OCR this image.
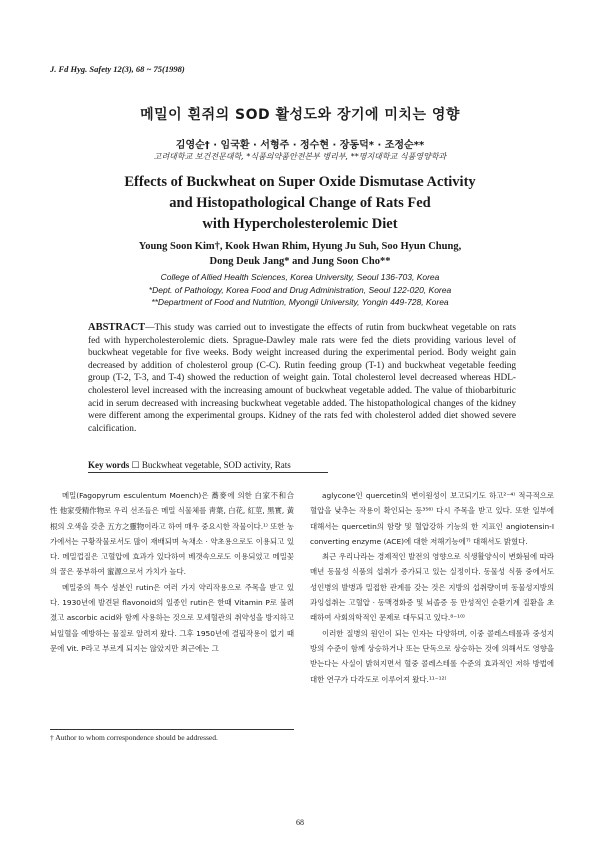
J. Fd Hyg. Safety 12(3), 68 ~ 75(1998)
메밀이 흰쥐의 SOD 활성도와 장기에 미치는 영향
김영순† · 임국환 · 서형주 · 정수현 · 장동덕* · 조정순**
고려대학교 보건전문대학, *식품의약품안전본부 병리부, **명지대학교 식품영양학과
Effects of Buckwheat on Super Oxide Dismutase Activity
and Histopathological Change of Rats Fed
with Hypercholesterolemic Diet
Young Soon Kim†, Kook Hwan Rhim, Hyung Ju Suh, Soo Hyun Chung,
Dong Deuk Jang* and Jung Soon Cho**
College of Allied Health Sciences, Korea University, Seoul 136-703, Korea
*Dept. of Pathology, Korea Food and Drug Administration, Seoul 122-020, Korea
**Department of Food and Nutrition, Myongji University, Yongin 449-728, Korea
ABSTRACT—This study was carried out to investigate the effects of rutin from buckwheat vegetable on rats fed with hypercholesterolemic diets. Sprague-Dawley male rats were fed the diets providing various level of buckwheat vegetable for five weeks. Body weight increased during the experimental period. Body weight gain decreased by addition of cholesterol group (C-C). Rutin feeding group (T-1) and buckwheat vegetable feeding group (T-2, T-3, and T-4) showed the reduction of weight gain. Total cholesterol level decreased whereas HDL-cholesterol level increased with the increasing amount of buckwheat vegetable added. The value of thiobarbituric acid in serum decreased with increasing buckwheat vegetable added. The histopathological changes of the kidney were different among the experimental groups. Kidney of the rats fed with cholesterol added diet showed severe calcification.
Key words ☐ Buckwheat vegetable, SOD activity, Rats

메밀(Fagopyrum esculentum Moench)은 蕎麥에 의한 白家不和合性 他家受精作物로 우리 선조들은 메밀 식물체를 靑葉, 白花, 紅莖, 黑實, 黃根의 오색을 갖춘 五方之靈物이라고 하여 매우 중요시한 작물이다.¹⁾ 또한 농가에서는 구황작물로서도 많이 재배되며 녹채소 · 약초용으로도 이용되고 있다. 메밀껍질은 고혈압에 효과가 있다하여 베갯속으로도 이용되었고 메밀꽃의 꿀은 풍부하여 蜜源으로서 가치가 높다.

메밀중의 특수 성분인 rutin은 여러 가지 약리작용으로 주목을 받고 있다. 1930년에 발견된 flavonoid의 일종인 rutin은 한때 Vitamin P로 불려졌고 ascorbic acid와 함께 사용하는 것으로 모세혈관의 취약성을 방지하고 뇌일혈을 예방하는 물질로 알려져 왔다. 그후 1950년에 결핍작용이 없기 때문에 Vit. P라고 부르게 되지는 않았지만 최근에는 그

aglycone인 quercetin의 변이원성이 보고되기도 하고²⁻⁴⁾ 적극적으로 혈압을 낮추는 작용이 확인되는 등³⁵⁶⁾ 다시 주목을 받고 있다. 또한 일부에 대해서는 quercetin의 함량 및 혈압강하 기능의 한 지표인 angiotensin-I converting enzyme (ACE)에 대한 저해기능에⁷⁾ 대해서도 밝혔다.

최근 우리나라는 경제적인 발전의 영향으로 식생활양식이 변화됨에 따라 매년 동물성 식품의 섭취가 증가되고 있는 실정이다. 동물성 식품 중에서도 성인병의 발병과 밀접한 관계를 갖는 것은 지방의 섭취량이며 동물성지방의 과잉섭취는 고혈압 · 동맥경화증 및 뇌졸증 등 만성적인 순환기계 질환을 초래하여 사회의학적인 문제로 대두되고 있다.⁸⁻¹⁰⁾

이러한 질병의 원인이 되는 인자는 다양하며, 이중 콜레스테롤과 중성지방의 수준이 함께 상승하거나 또는 단독으로 상승하는 것에 의해서도 영향을 받는다는 사실이 밝혀지면서 혈중 콜레스테롤 수준의 효과적인 저하 방법에 대한 연구가 다각도로 이루어져 왔다.¹¹⁻¹²⁾

† Author to whom correspondence should be addressed.
68
